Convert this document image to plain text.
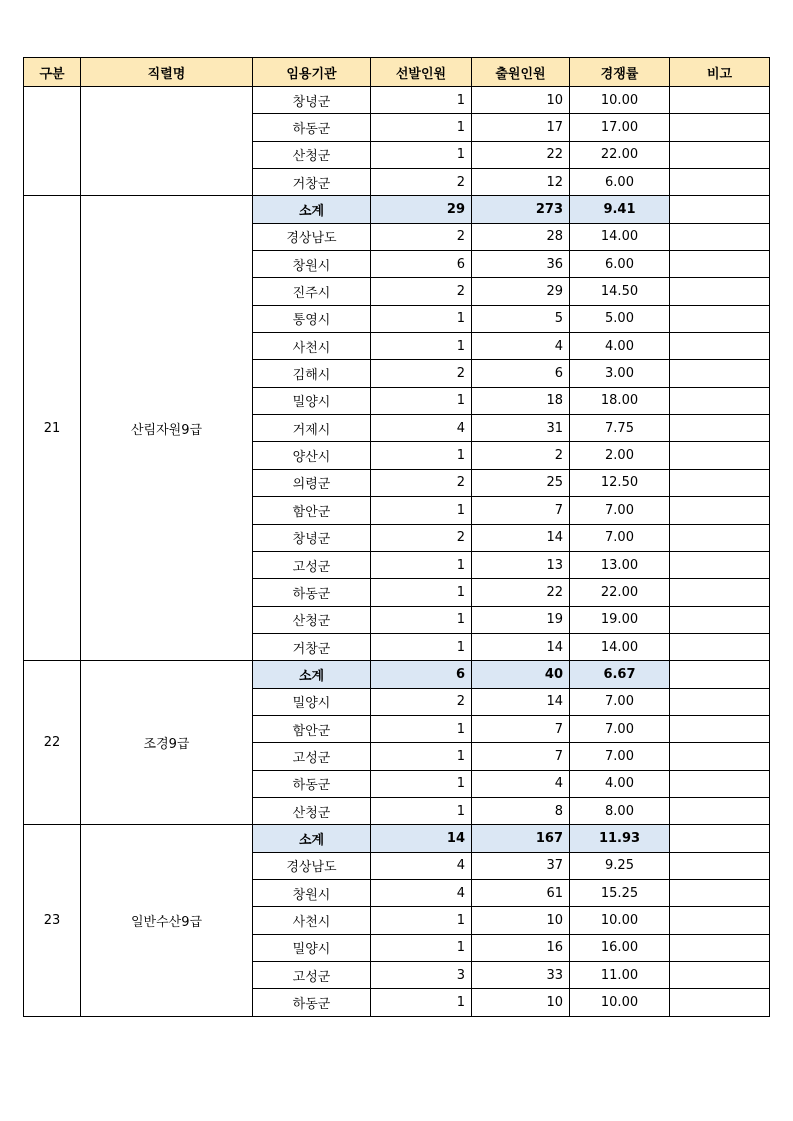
구분	직렬명	임용기관	선발인원	출원인원	경쟁률	비고
		창녕군	1	10	10.00	
		하동군	1	17	17.00	
		산청군	1	22	22.00	
		거창군	2	12	6.00	
21	산림자원9급	소계	29	273	9.41	
		경상남도	2	28	14.00	
		창원시	6	36	6.00	
		진주시	2	29	14.50	
		통영시	1	5	5.00	
		사천시	1	4	4.00	
		김해시	2	6	3.00	
		밀양시	1	18	18.00	
		거제시	4	31	7.75	
		양산시	1	2	2.00	
		의령군	2	25	12.50	
		함안군	1	7	7.00	
		창녕군	2	14	7.00	
		고성군	1	13	13.00	
		하동군	1	22	22.00	
		산청군	1	19	19.00	
		거창군	1	14	14.00	
22	조경9급	소계	6	40	6.67	
		밀양시	2	14	7.00	
		함안군	1	7	7.00	
		고성군	1	7	7.00	
		하동군	1	4	4.00	
		산청군	1	8	8.00	
23	일반수산9급	소계	14	167	11.93	
		경상남도	4	37	9.25	
		창원시	4	61	15.25	
		사천시	1	10	10.00	
		밀양시	1	16	16.00	
		고성군	3	33	11.00	
		하동군	1	10	10.00	
